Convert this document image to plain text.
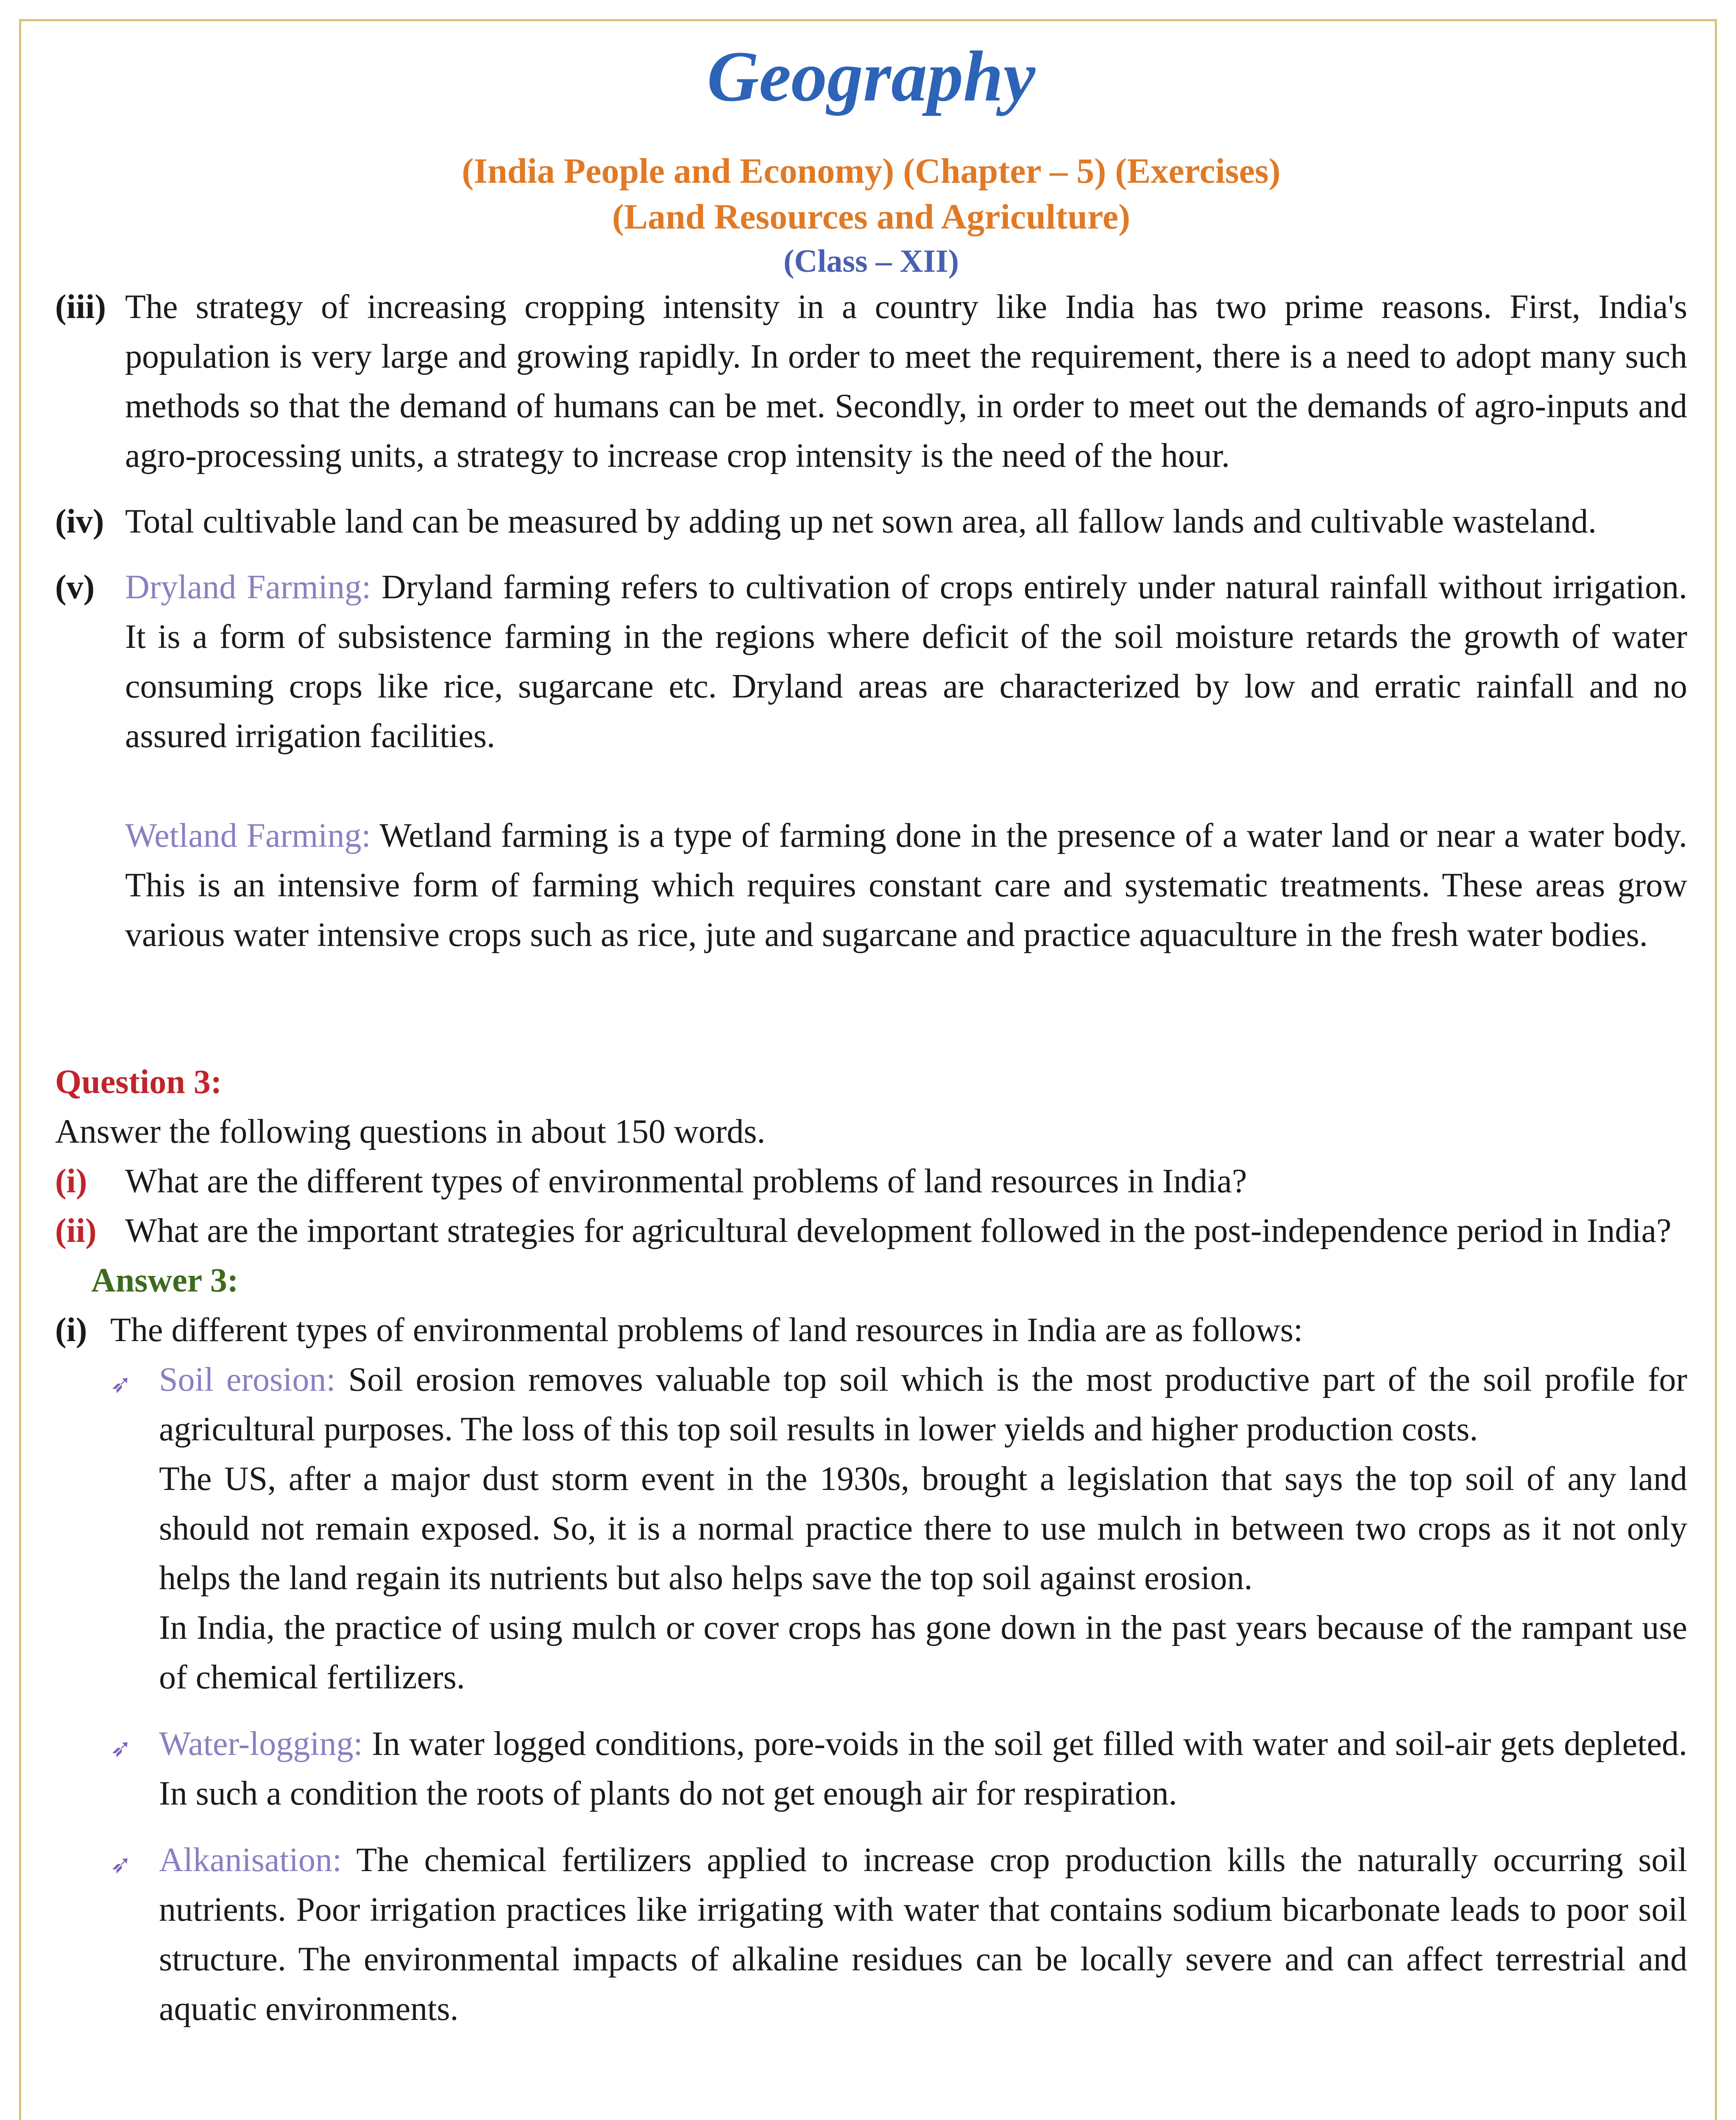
Geography

(India People and Economy) (Chapter – 5) (Exercises)

(Land Resources and Agriculture)

(Class – XII)

(iii) The strategy of increasing cropping intensity in a country like India has two prime reasons. First, India's population is very large and growing rapidly. In order to meet the requirement, there is a need to adopt many such methods so that the demand of humans can be met. Secondly, in order to meet out the demands of agro-inputs and agro-processing units, a strategy to increase crop intensity is the need of the hour.
(iv) Total cultivable land can be measured by adding up net sown area, all fallow lands and cultivable wasteland.
(v) Dryland Farming: Dryland farming refers to cultivation of crops entirely under natural rainfall without irrigation. It is a form of subsistence farming in the regions where deficit of the soil moisture retards the growth of water consuming crops like rice, sugarcane etc. Dryland areas are characterized by low and erratic rainfall and no assured irrigation facilities.

Wetland Farming: Wetland farming is a type of farming done in the presence of a water land or near a water body. This is an intensive form of farming which requires constant care and systematic treatments. These areas grow various water intensive crops such as rice, jute and sugarcane and practice aquaculture in the fresh water bodies.

Question 3:

Answer the following questions in about 150 words.

(i)	What are the different types of environmental problems of land resources in India?
(ii) What are the important strategies for agricultural development followed in the post-independence period in India?

Answer 3:

(i) The different types of environmental problems of land resources in India are as follows:
➶ Soil erosion: Soil erosion removes valuable top soil which is the most productive part of the soil profile for agricultural purposes. The loss of this top soil results in lower yields and higher production costs.

The US, after a major dust storm event in the 1930s, brought a legislation that says the top soil of any land should not remain exposed. So, it is a normal practice there to use mulch in between two crops as it not only helps the land regain its nutrients but also helps save the top soil against erosion.

In India, the practice of using mulch or cover crops has gone down in the past years because of the rampant use of chemical fertilizers.

➶ Water-logging: In water logged conditions, pore-voids in the soil get filled with water and soil-air gets depleted. In such a condition the roots of plants do not get enough air for respiration.
➶ Alkanisation: The chemical fertilizers applied to increase crop production kills the naturally occurring soil nutrients. Poor irrigation practices like irrigating with water that contains sodium bicarbonate leads to poor soil structure. The environmental impacts of alkaline residues can be locally severe and can affect terrestrial and aquatic environments.
